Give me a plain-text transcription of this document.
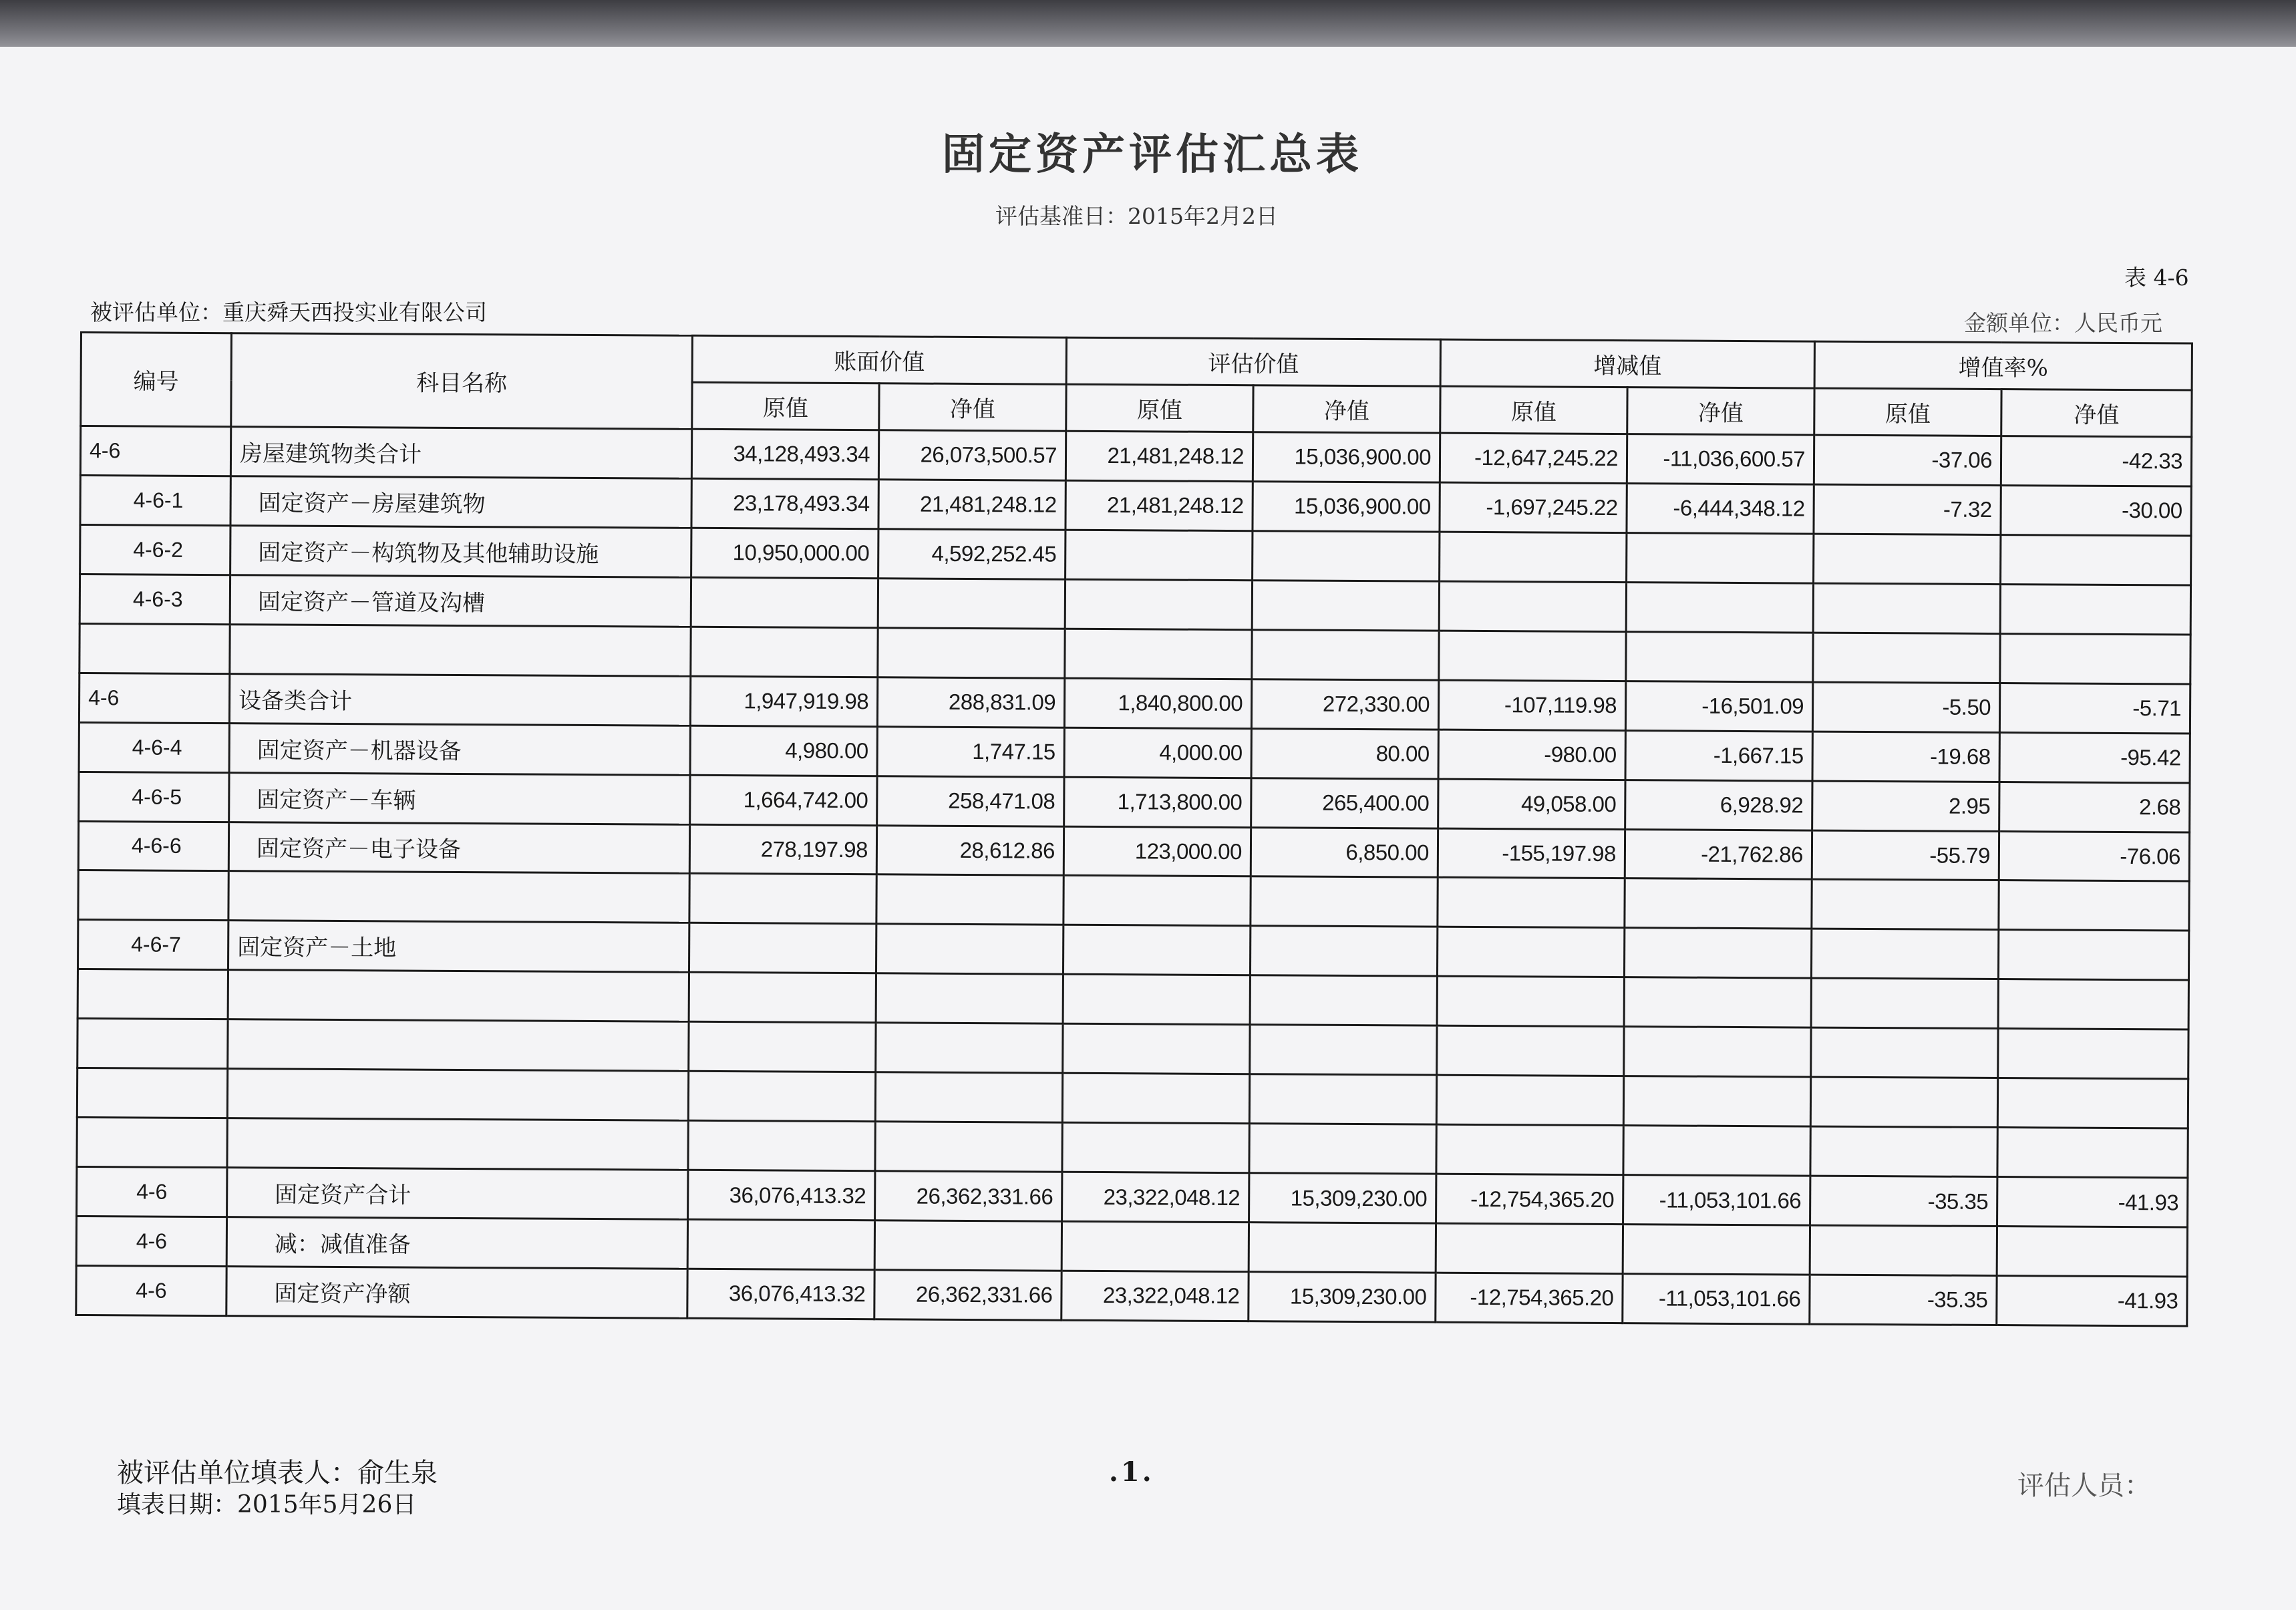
固定资产评估汇总表
评估基准日：2015年2月2日
表 4-6
被评估单位：重庆舜天西投实业有限公司	金额单位：人民币元
编号	科目名称	账面价值		评估价值		增减值		增值率%	
		原值	净值	原值	净值	原值	净值	原值	净值
4-6	房屋建筑物类合计	34,128,493.34	26,073,500.57	21,481,248.12	15,036,900.00	-12,647,245.22	-11,036,600.57	-37.06	-42.33
4-6-1	固定资产－房屋建筑物	23,178,493.34	21,481,248.12	21,481,248.12	15,036,900.00	-1,697,245.22	-6,444,348.12	-7.32	-30.00
4-6-2	固定资产－构筑物及其他辅助设施	10,950,000.00	4,592,252.45						
4-6-3	固定资产－管道及沟槽								

4-6	设备类合计	1,947,919.98	288,831.09	1,840,800.00	272,330.00	-107,119.98	-16,501.09	-5.50	-5.71
4-6-4	固定资产－机器设备	4,980.00	1,747.15	4,000.00	80.00	-980.00	-1,667.15	-19.68	-95.42
4-6-5	固定资产－车辆	1,664,742.00	258,471.08	1,713,800.00	265,400.00	49,058.00	6,928.92	2.95	2.68
4-6-6	固定资产－电子设备	278,197.98	28,612.86	123,000.00	6,850.00	-155,197.98	-21,762.86	-55.79	-76.06

4-6-7	固定资产－土地								

4-6	固定资产合计	36,076,413.32	26,362,331.66	23,322,048.12	15,309,230.00	-12,754,365.20	-11,053,101.66	-35.35	-41.93
4-6	减：减值准备								
4-6	固定资产净额	36,076,413.32	26,362,331.66	23,322,048.12	15,309,230.00	-12,754,365.20	-11,053,101.66	-35.35	-41.93
被评估单位填表人：俞生泉
填表日期：2015年5月26日
.1.	评估人员：
